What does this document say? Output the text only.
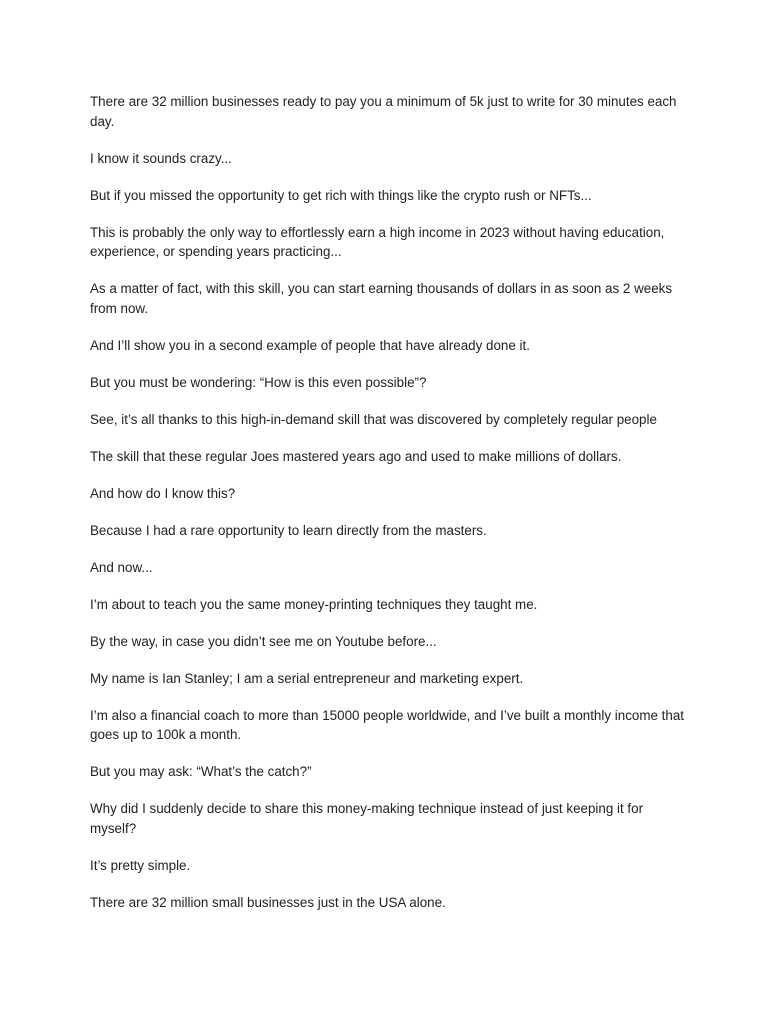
There are 32 million businesses ready to pay you a minimum of 5k just to write for 30 minutes each day.

I know it sounds crazy...

But if you missed the opportunity to get rich with things like the crypto rush or NFTs...

This is probably the only way to effortlessly earn a high income in 2023 without having education, experience, or spending years practicing...

As a matter of fact, with this skill, you can start earning thousands of dollars in as soon as 2 weeks from now.

And I’ll show you in a second example of people that have already done it.

But you must be wondering: “How is this even possible”?

See, it’s all thanks to this high-in-demand skill that was discovered by completely regular people

The skill that these regular Joes mastered years ago and used to make millions of dollars.

And how do I know this?

Because I had a rare opportunity to learn directly from the masters.

And now...

I’m about to teach you the same money-printing techniques they taught me.

By the way, in case you didn’t see me on Youtube before...

My name is Ian Stanley; I am a serial entrepreneur and marketing expert.

I’m also a financial coach to more than 15000 people worldwide, and I’ve built a monthly income that goes up to 100k a month.

But you may ask: “What’s the catch?”

Why did I suddenly decide to share this money-making technique instead of just keeping it for myself?

It’s pretty simple.

There are 32 million small businesses just in the USA alone.
